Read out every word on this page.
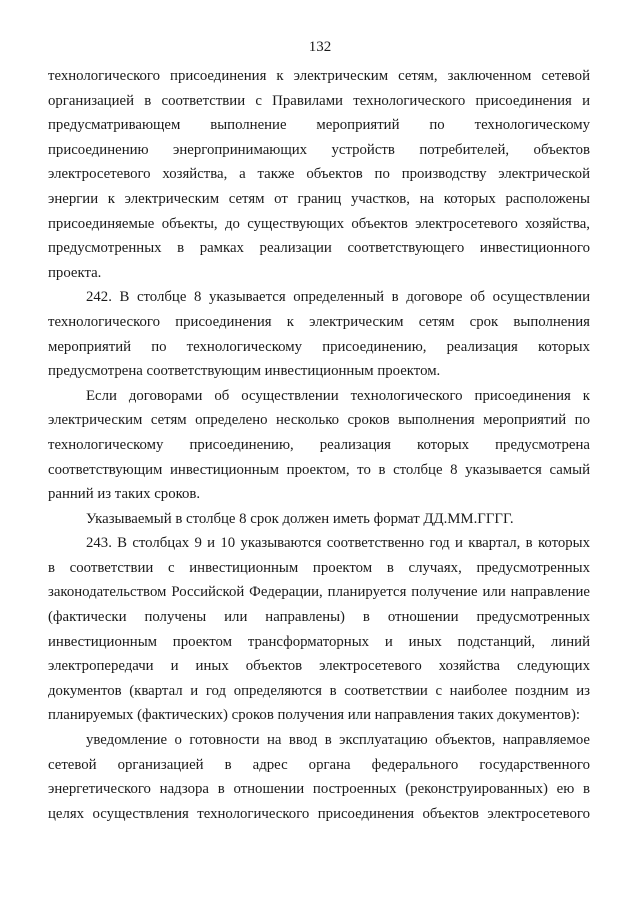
132
технологического присоединения к электрическим сетям, заключенном сетевой
организацией в соответствии с Правилами технологического присоединения и
предусматривающем выполнение мероприятий по технологическому
присоединению энергопринимающих устройств потребителей, объектов
электросетевого хозяйства, а также объектов по производству электрической
энергии к электрическим сетям от границ участков, на которых расположены
присоединяемые объекты, до существующих объектов электросетевого хозяйства,
предусмотренных в рамках реализации соответствующего инвестиционного
проекта.
242. В столбце 8 указывается определенный в договоре об осуществлении
технологического присоединения к электрическим сетям срок выполнения
мероприятий по технологическому присоединению, реализация которых
предусмотрена соответствующим инвестиционным проектом.
Если договорами об осуществлении технологического присоединения к
электрическим сетям определено несколько сроков выполнения мероприятий по
технологическому присоединению, реализация которых предусмотрена
соответствующим инвестиционным проектом, то в столбце 8 указывается самый
ранний из таких сроков.
Указываемый в столбце 8 срок должен иметь формат ДД.ММ.ГГГГ.
243. В столбцах 9 и 10 указываются соответственно год и квартал, в которых
в соответствии с инвестиционным проектом в случаях, предусмотренных
законодательством Российской Федерации, планируется получение или направление
(фактически получены или направлены) в отношении предусмотренных
инвестиционным проектом трансформаторных и иных подстанций, линий
электропередачи и иных объектов электросетевого хозяйства следующих
документов (квартал и год определяются в соответствии с наиболее поздним из
планируемых (фактических) сроков получения или направления таких документов):
уведомление о готовности на ввод в эксплуатацию объектов, направляемое
сетевой организацией в адрес органа федерального государственного
энергетического надзора в отношении построенных (реконструированных) ею в
целях осуществления технологического присоединения объектов электросетевого
